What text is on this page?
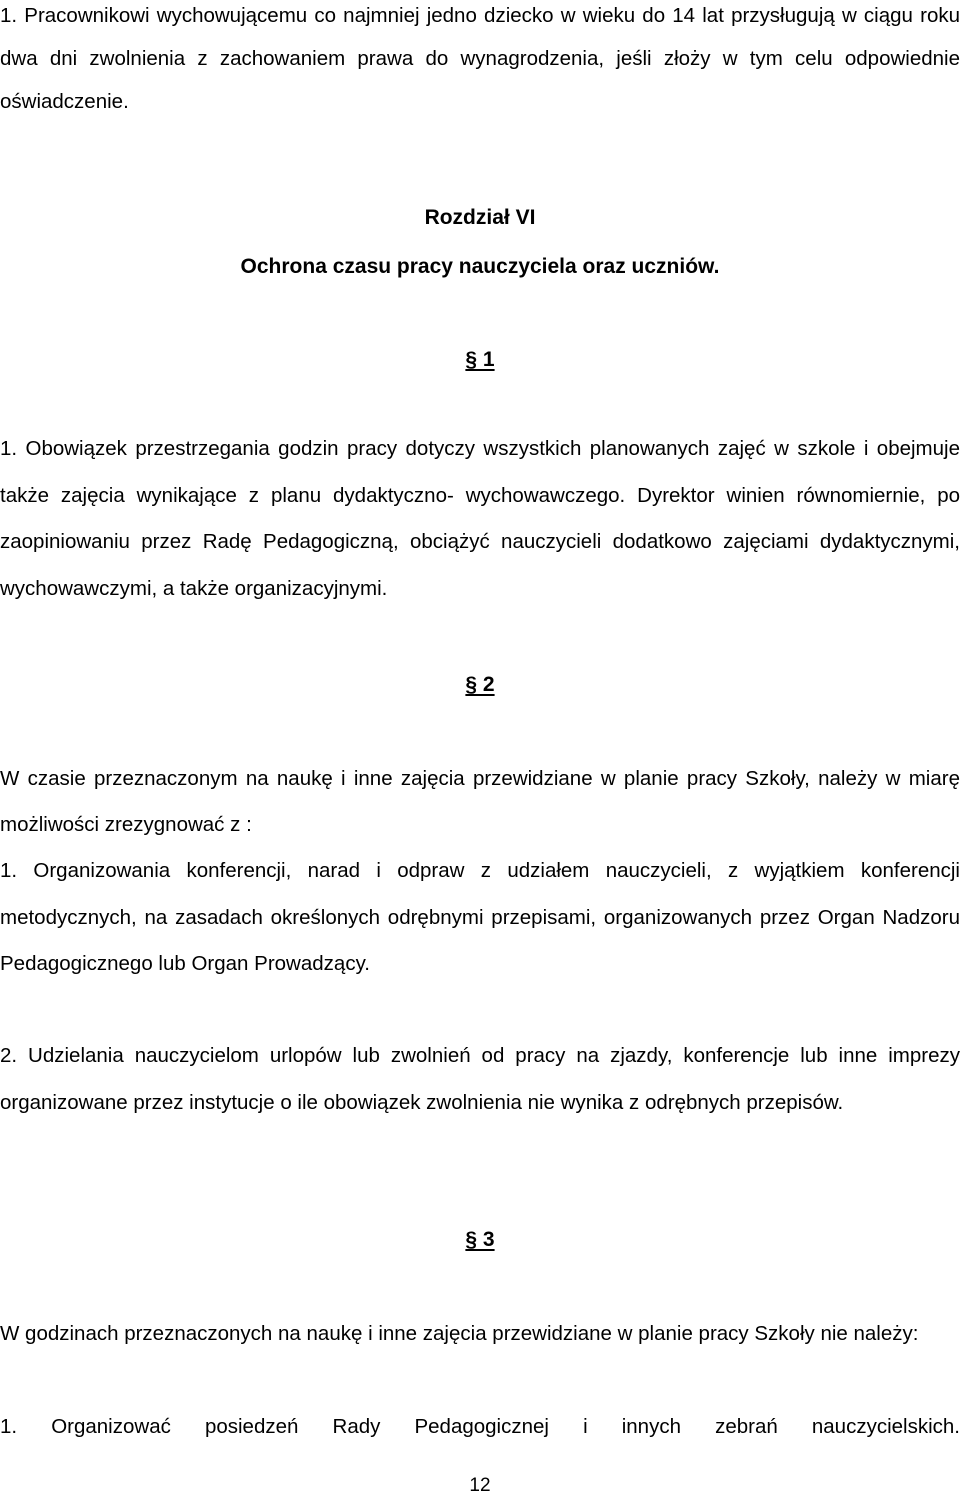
1. Pracownikowi wychowującemu co najmniej jedno dziecko w wieku do 14 lat przysługują w ciągu roku dwa dni zwolnienia z zachowaniem prawa do wynagrodzenia, jeśli złoży w tym celu odpowiednie oświadczenie.

Rozdział VI

Ochrona czasu pracy nauczyciela oraz uczniów.

§ 1

1. Obowiązek przestrzegania godzin pracy dotyczy wszystkich planowanych zajęć w szkole i obejmuje także zajęcia wynikające z planu dydaktyczno- wychowawczego. Dyrektor winien równomiernie, po zaopiniowaniu przez Radę Pedagogiczną, obciążyć nauczycieli dodatkowo zajęciami dydaktycznymi, wychowawczymi, a także organizacyjnymi.

§ 2

W czasie przeznaczonym na naukę i inne zajęcia przewidziane w planie pracy Szkoły, należy w miarę możliwości zrezygnować z :

1. Organizowania konferencji, narad i odpraw z udziałem nauczycieli, z wyjątkiem konferencji metodycznych, na zasadach określonych odrębnymi przepisami, organizowanych przez Organ Nadzoru Pedagogicznego lub Organ Prowadzący.

2. Udzielania nauczycielom urlopów lub zwolnień od pracy na zjazdy, konferencje lub inne imprezy organizowane przez instytucje o ile obowiązek zwolnienia nie wynika z odrębnych przepisów.

§ 3

W godzinach przeznaczonych na naukę i inne zajęcia przewidziane w planie pracy Szkoły nie należy:

1. Organizować posiedzeń Rady Pedagogicznej i innych zebrań nauczycielskich.

12
